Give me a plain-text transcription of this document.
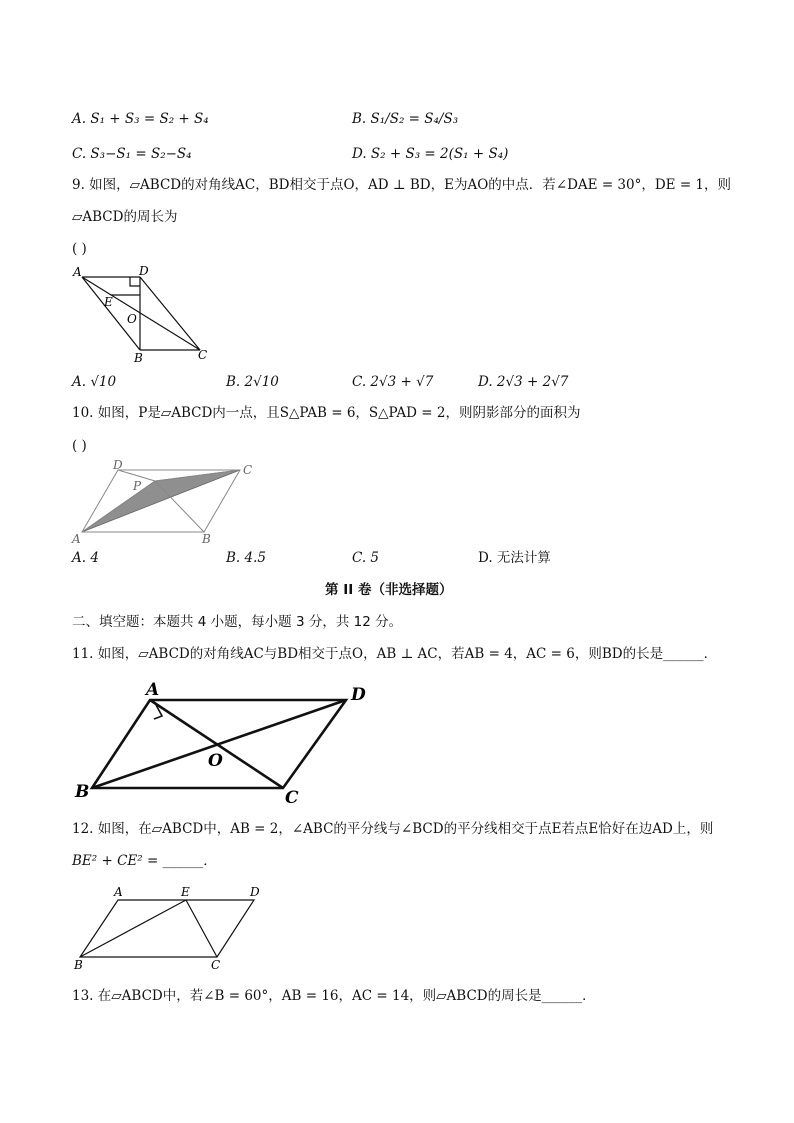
A. S₁ + S₃ = S₂ + S₄	B. S₁/S₂ = S₄/S₃
C. S₃−S₁ = S₂−S₄	D. S₂ + S₃ = 2(S₁ + S₄)
9. 如图，▱ABCD的对角线AC，BD相交于点O，AD ⊥ BD，E为AO的中点．若∠DAE = 30°，DE = 1，则
▱ABCD的周长为
( )
A	D
E
O
B	C
A. √10	B. 2√10	C. 2√3 + √7	D. 2√3 + 2√7
10. 如图，P是▱ABCD内一点，且S△PAB = 6，S△PAD = 2，则阴影部分的面积为
( )
A	B
C
D
P
A. 4	B. 4.5	C. 5	D. 无法计算
第 II 卷（非选择题）
二、填空题：本题共 4 小题，每小题 3 分，共 12 分。
11. 如图，▱ABCD的对角线AC与BD相交于点O，AB ⊥ AC，若AB = 4，AC = 6，则BD的长是______．
A	D
B	C
O
12. 如图，在▱ABCD中，AB = 2，∠ABC的平分线与∠BCD的平分线相交于点E若点E恰好在边AD上，则
BE² + CE² = ______．
A	E	D
B	C
13. 在▱ABCD中，若∠B = 60°，AB = 16，AC = 14，则▱ABCD的周长是______．
